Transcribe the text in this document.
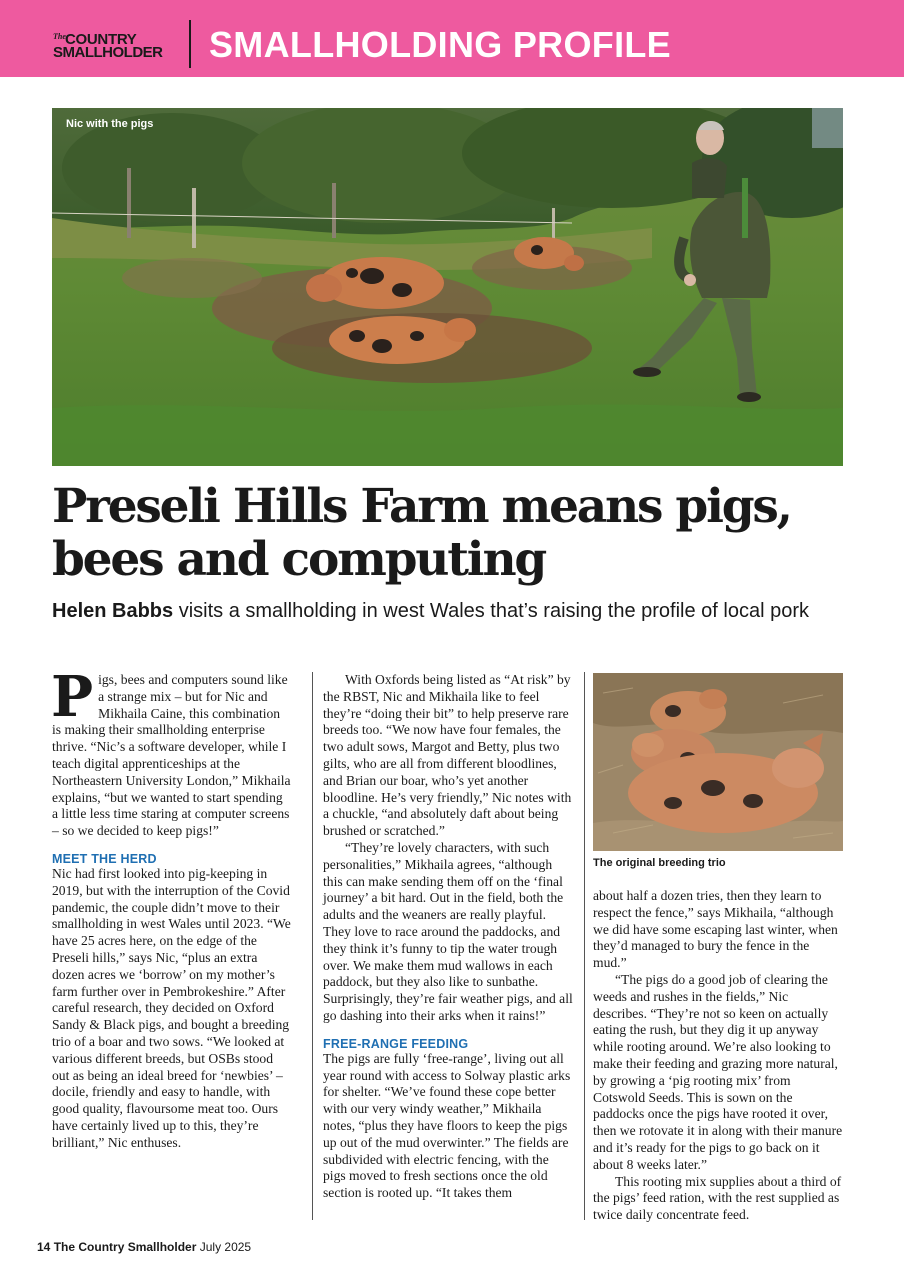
The COUNTRY
SMALLHOLDER SMALLHOLDING PROFILE
Nic with the pigs
Preseli Hills Farm means pigs, bees and computing

Helen Babbs visits a smallholding in west Wales that’s raising the profile of local pork

Pigs, bees and computers sound like a strange mix – but for Nic and Mikhaila Caine, this combination is making their smallholding enterprise thrive. “Nic’s a software developer, while I teach digital apprenticeships at the Northeastern University London,” Mikhaila explains, “but we wanted to start spending a little less time staring at computer screens – so we decided to keep pigs!”

MEET THE HERD

Nic had first looked into pig-keeping in 2019, but with the interruption of the Covid pandemic, the couple didn’t move to their smallholding in west Wales until 2023. “We have 25 acres here, on the edge of the Preseli hills,” says Nic, “plus an extra dozen acres we ‘borrow’ on my mother’s farm further over in Pembrokeshire.” After careful research, they decided on Oxford Sandy & Black pigs, and bought a breeding trio of a boar and two sows. “We looked at various different breeds, but OSBs stood out as being an ideal breed for ‘newbies’ – docile, friendly and easy to handle, with good quality, flavoursome meat too. Ours have certainly lived up to this, they’re brilliant,” Nic enthuses.

With Oxfords being listed as “At risk” by the RBST, Nic and Mikhaila like to feel they’re “doing their bit” to help preserve rare breeds too. “We now have four females, the two adult sows, Margot and Betty, plus two gilts, who are all from different bloodlines, and Brian our boar, who’s yet another bloodline. He’s very friendly,” Nic notes with a chuckle, “and absolutely daft about being brushed or scratched.”

“They’re lovely characters, with such personalities,” Mikhaila agrees, “although this can make sending them off on the ‘final journey’ a bit hard. Out in the field, both the adults and the weaners are really playful. They love to race around the paddocks, and they think it’s funny to tip the water trough over. We make them mud wallows in each paddock, but they also like to sunbathe. Surprisingly, they’re fair weather pigs, and all go dashing into their arks when it rains!”

FREE-RANGE FEEDING

The pigs are fully ‘free-range’, living out all year round with access to Solway plastic arks for shelter. “We’ve found these cope better with our very windy weather,” Mikhaila notes, “plus they have floors to keep the pigs up out of the mud overwinter.” The fields are subdivided with electric fencing, with the pigs moved to fresh sections once the old section is rooted up. “It takes them

The original breeding trio

about half a dozen tries, then they learn to respect the fence,” says Mikhaila, “although we did have some escaping last winter, when they’d managed to bury the fence in the mud.”

“The pigs do a good job of clearing the weeds and rushes in the fields,” Nic describes. “They’re not so keen on actually eating the rush, but they dig it up anyway while rooting around. We’re also looking to make their feeding and grazing more natural, by growing a ‘pig rooting mix’ from Cotswold Seeds. This is sown on the paddocks once the pigs have rooted it over, then we rotovate it in along with their manure and it’s ready for the pigs to go back on it about 8 weeks later.”

This rooting mix supplies about a third of the pigs’ feed ration, with the rest supplied as twice daily concentrate feed.

14 The Country Smallholder July 2025
